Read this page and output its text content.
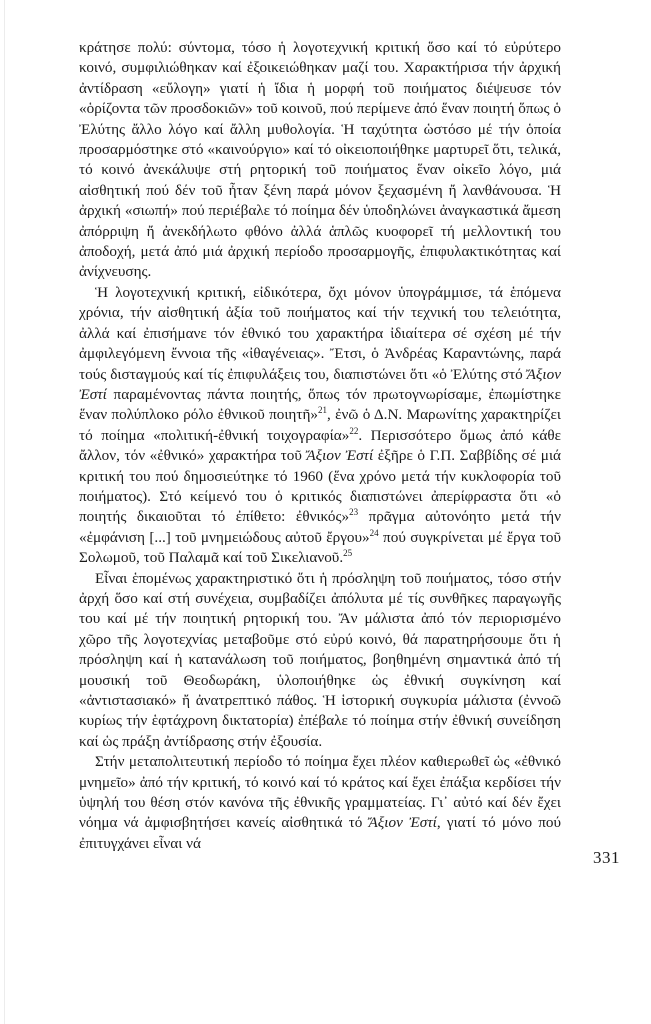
κράτησε πολύ: σύντομα, τόσο ἡ λογοτεχνική κριτική ὅσο καί τό εὐρύτερο κοινό, συμφιλιώθηκαν καί ἐξοικειώθηκαν μαζί του. Χαρακτήρισα τήν ἀρχική ἀντίδραση «εὔλογη» γιατί ἡ ἴδια ἡ μορφή τοῦ ποιήματος διέψευσε τόν «ὁρίζοντα τῶν προσδοκιῶν» τοῦ κοινοῦ, πού περίμενε ἀπό ἕναν ποιητή ὅπως ὁ Ἐλύτης ἄλλο λόγο καί ἄλλη μυθολογία. Ἡ ταχύτητα ὡστόσο μέ τήν ὁποία προσαρμόστηκε στό «καινούργιο» καί τό οἰκειοποιήθηκε μαρτυρεῖ ὅτι, τελικά, τό κοινό ἀνεκάλυψε στή ρητορική τοῦ ποιήματος ἕναν οἰκεῖο λόγο, μιά αἰσθητική πού δέν τοῦ ἦταν ξένη παρά μόνον ξεχασμένη ἤ λανθάνουσα. Ἡ ἀρχική «σιωπή» πού περιέβαλε τό ποίημα δέν ὑποδηλώνει ἀναγκαστικά ἄμεση ἀπόρριψη ἤ ἀνεκδήλωτο φθόνο ἀλλά ἁπλῶς κυοφορεῖ τή μελλοντική του ἀποδοχή, μετά ἀπό μιά ἀρχική περίοδο προσαρμογῆς, ἐπιφυλακτικότητας καί ἀνίχνευσης.

Ἡ λογοτεχνική κριτική, εἰδικότερα, ὄχι μόνον ὑπογράμμισε, τά ἑπόμενα χρόνια, τήν αἰσθητική ἀξία τοῦ ποιήματος καί τήν τεχνική του τελειότητα, ἀλλά καί ἐπισήμανε τόν ἐθνικό του χαρακτήρα ἰδιαίτερα σέ σχέση μέ τήν ἀμφιλεγόμενη ἔννοια τῆς «ἰθαγένειας». Ἔτσι, ὁ Ἀνδρέας Καραντώνης, παρά τούς δισταγμούς καί τίς ἐπιφυλάξεις του, διαπιστώνει ὅτι «ὁ Ἐλύτης στό Ἄξιον Ἐστί παραμένοντας πάντα ποιητής, ὅπως τόν πρωτογνωρίσαμε, ἐπωμίστηκε ἕναν πολύπλοκο ρόλο ἐθνικοῦ ποιητῆ»$^{21}$, ἐνῶ ὁ Δ.Ν. Μαρωνίτης χαρακτηρίζει τό ποίημα «πολιτική-ἐθνική τοιχογραφία»$^{22}$. Περισσότερο ὅμως ἀπό κάθε ἄλλον, τόν «ἐθνικό» χαρακτήρα τοῦ Ἄξιον Ἐστί ἐξῆρε ὁ Γ.Π. Σαββίδης σέ μιά κριτική του πού δημοσιεύτηκε τό 1960 (ἕνα χρόνο μετά τήν κυκλοφορία τοῦ ποιήματος). Στό κείμενό του ὁ κριτικός διαπιστώνει ἀπερίφραστα ὅτι «ὁ ποιητής δικαιοῦται τό ἐπίθετο: ἐθνικός»$^{23}$ πρᾶγμα αὐτονόητο μετά τήν «ἐμφάνιση [...] τοῦ μνημειώδους αὐτοῦ ἔργου»$^{24}$ πού συγκρίνεται μέ ἔργα τοῦ Σολωμοῦ, τοῦ Παλαμᾶ καί τοῦ Σικελιανοῦ.$^{25}$

Εἶναι ἑπομένως χαρακτηριστικό ὅτι ἡ πρόσληψη τοῦ ποιήματος, τόσο στήν ἀρχή ὅσο καί στή συνέχεια, συμβαδίζει ἀπόλυτα μέ τίς συνθῆκες παραγωγῆς του καί μέ τήν ποιητική ρητορική του. Ἄν μάλιστα ἀπό τόν περιορισμένο χῶρο τῆς λογοτεχνίας μεταβοῦμε στό εὐρύ κοινό, θά παρατηρήσουμε ὅτι ἡ πρόσληψη καί ἡ κατανάλωση τοῦ ποιήματος, βοηθημένη σημαντικά ἀπό τή μουσική τοῦ Θεοδωράκη, ὑλοποιήθηκε ὡς ἐθνική συγκίνηση καί «ἀντιστασιακό» ἤ ἀνατρεπτικό πάθος. Ἡ ἱστορική συγκυρία μάλιστα (ἐννοῶ κυρίως τήν ἑφτάχρονη δικτατορία) ἐπέβαλε τό ποίημα στήν ἐθνική συνείδηση καί ὡς πράξη ἀντίδρασης στήν ἐξουσία.

Στήν μεταπολιτευτική περίοδο τό ποίημα ἔχει πλέον καθιερωθεῖ ὡς «ἐθνικό μνημεῖο» ἀπό τήν κριτική, τό κοινό καί τό κράτος καί ἔχει ἐπάξια κερδίσει τήν ὑψηλή του θέση στόν κανόνα τῆς ἐθνικῆς γραμματείας. Γι᾿ αὐτό καί δέν ἔχει νόημα νά ἀμφισβητήσει κανείς αἰσθητικά τό Ἄξιον Ἐστί, γιατί τό μόνο πού ἐπιτυγχάνει εἶναι νά

331
